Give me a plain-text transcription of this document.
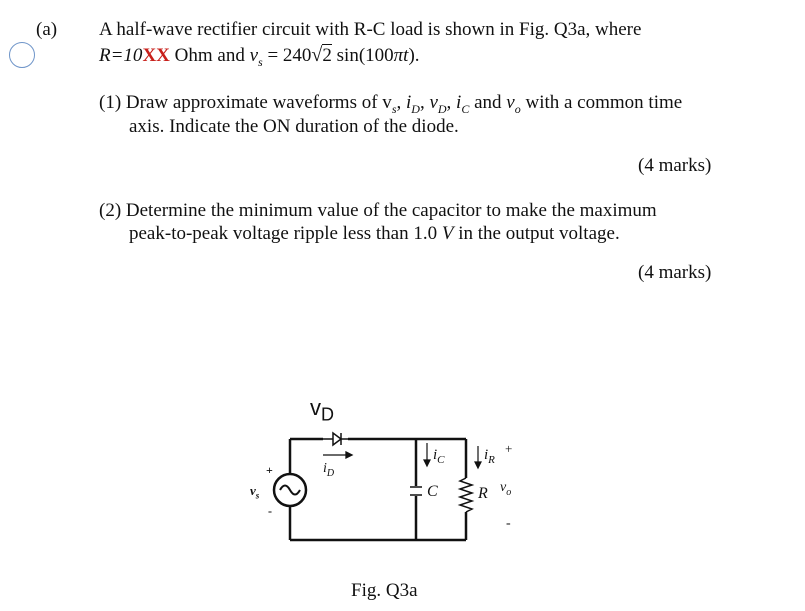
(a) A half-wave rectifier circuit with R-C load is shown in Fig. Q3a, where
R=10XX Ohm and $v_s = 240√2$ sin(100πt).
(1) Draw approximate waveforms of $v_s$, $i_D$, $v_D$, $i_C$ and $v_o$ with a common time
axis. Indicate the ON duration of the diode.
(4 marks)
(2) Determine the minimum value of the capacitor to make the maximum
peak-to-peak voltage ripple less than 1.0 V in the output voltage.
(4 marks)
$v_D$
$i_D$
$i_C$	$i_R$
C	R $v_o$
+
-
$v_s$
+
-
Fig. Q3a
